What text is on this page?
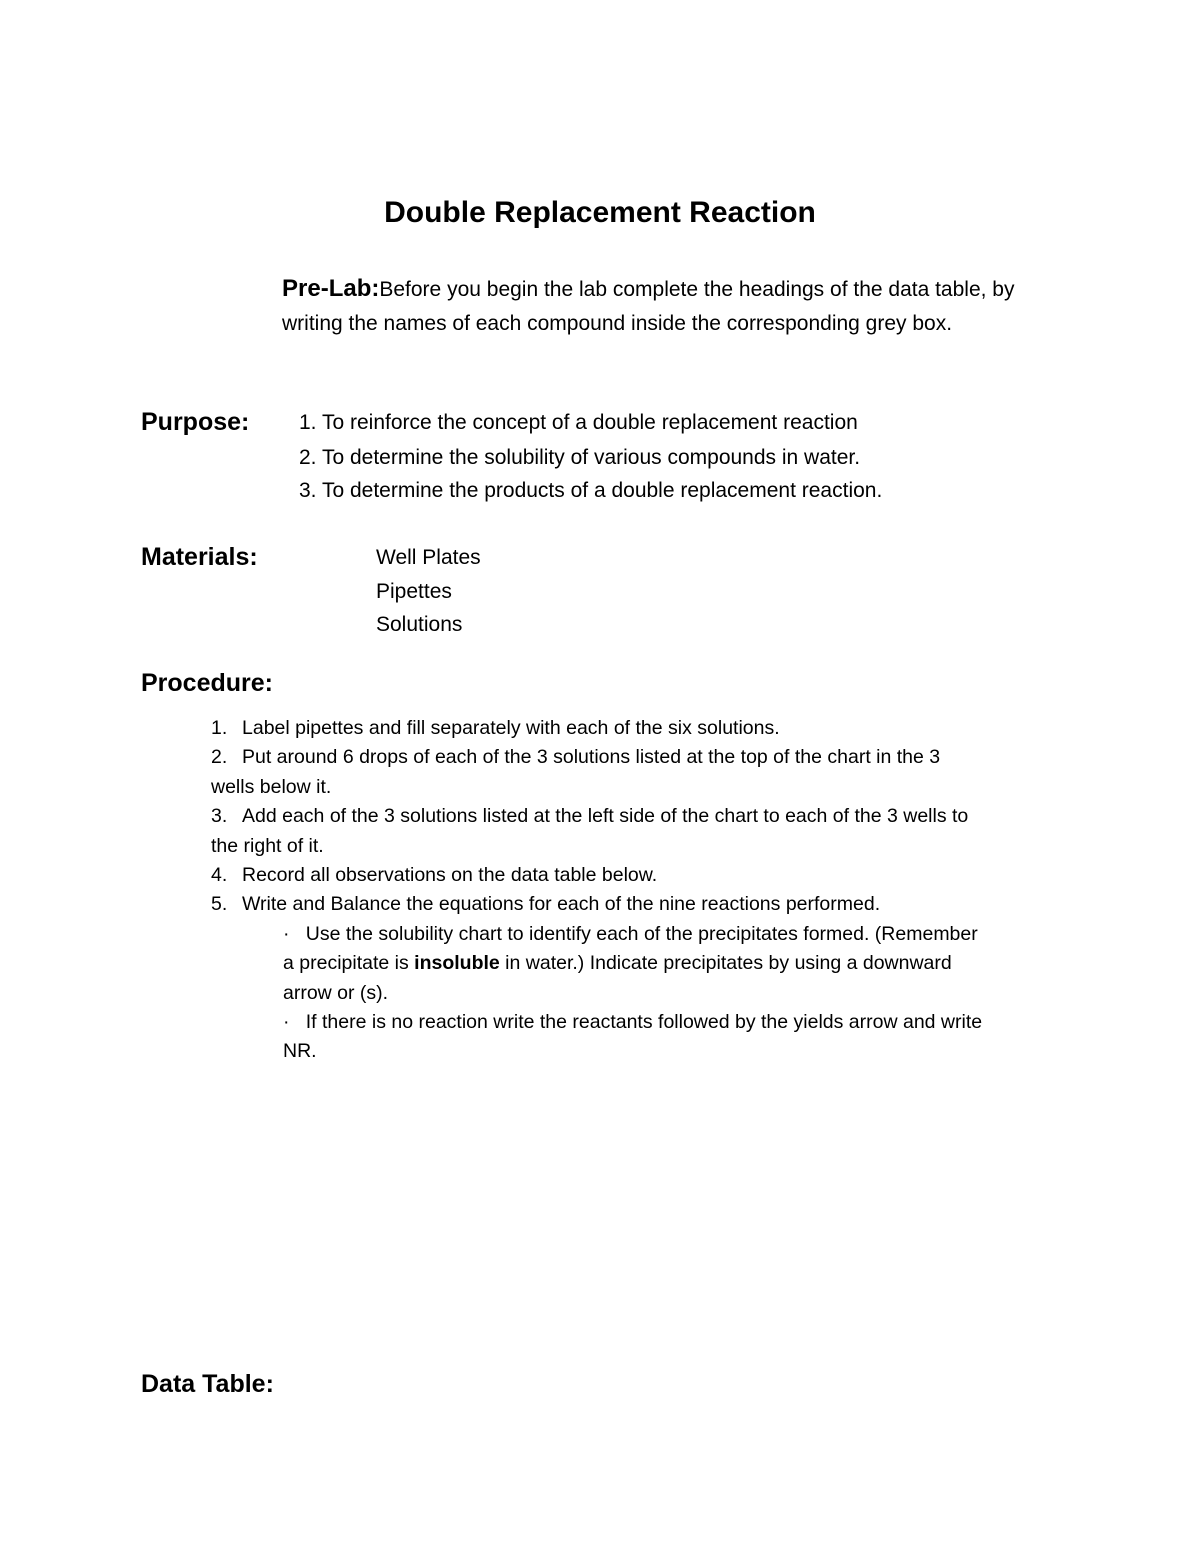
Double Replacement Reaction
Pre-Lab:Before you begin the lab complete the headings of the data table, by writing the names of each compound inside the corresponding grey box.
Purpose: 1. To reinforce the concept of a double replacement reaction
2. To determine the solubility of various compounds in water.
3. To determine the products of a double replacement reaction.
Materials:	Well Plates
Pipettes
Solutions
Procedure:
1. Label pipettes and fill separately with each of the six solutions.
2. Put around 6 drops of each of the 3 solutions listed at the top of the chart in the 3
wells below it.
3. Add each of the 3 solutions listed at the left side of the chart to each of the 3 wells to
the right of it.
4. Record all observations on the data table below.
5. Write and Balance the equations for each of the nine reactions performed.
· Use the solubility chart to identify each of the precipitates formed. (Remember
a precipitate is insoluble in water.) Indicate precipitates by using a downward
arrow or (s).
· If there is no reaction write the reactants followed by the yields arrow and write
NR.
Data Table:
